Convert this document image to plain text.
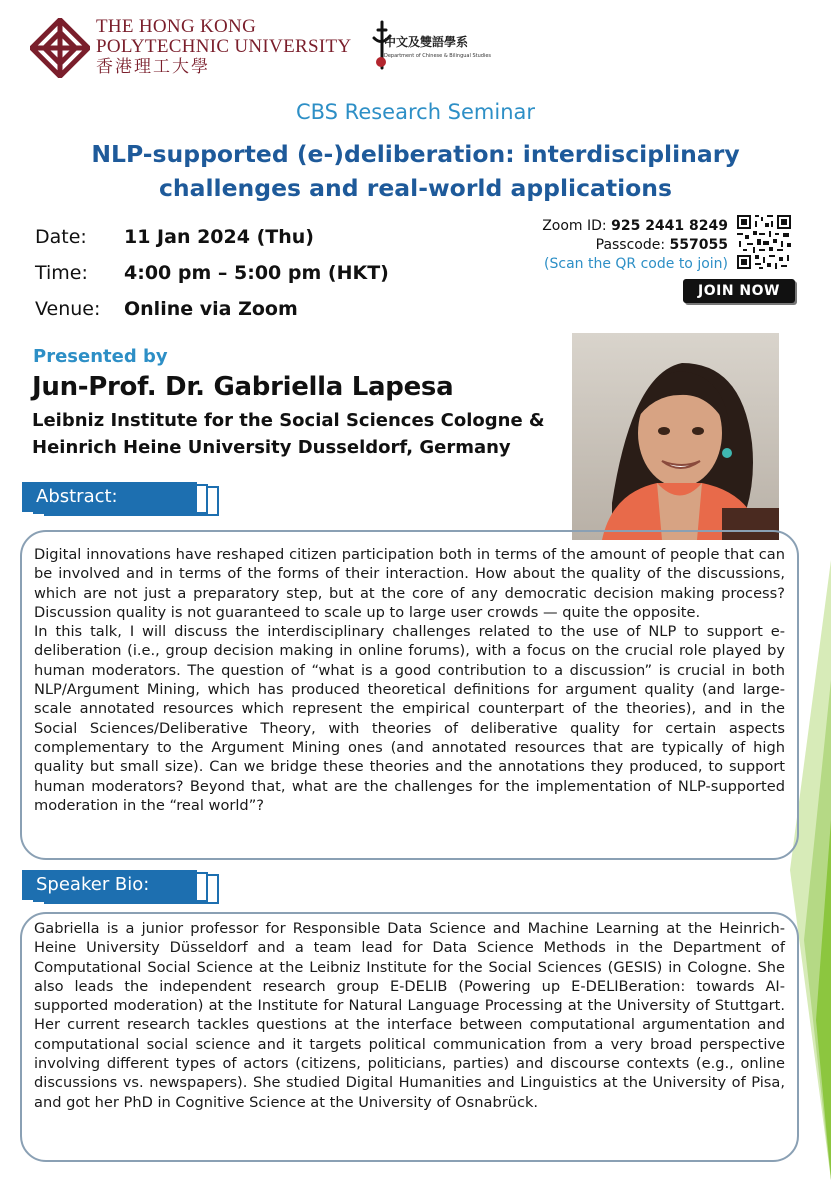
THE HONG KONG
POLYTECHNIC UNIVERSITY
香港理工大學
中文及雙語學系
Department of Chinese & Bilingual Studies
CBS Research Seminar
NLP-supported (e-)deliberation: interdisciplinary
challenges and real-world applications
Date: 11 Jan 2024 (Thu)
Time: 4:00 pm – 5:00 pm (HKT)
Venue: Online via Zoom
Zoom ID: 925 2441 8249
Passcode: 557055
(Scan the QR code to join)
JOIN NOW
Presented by
Jun-Prof. Dr. Gabriella Lapesa
Leibniz Institute for the Social Sciences Cologne &
Heinrich Heine University Dusseldorf, Germany
Abstract:

Digital innovations have reshaped citizen participation both in terms of the amount of people that can be involved and in terms of the forms of their interaction. How about the quality of the discussions, which are not just a preparatory step, but at the core of any democratic decision making process? Discussion quality is not guaranteed to scale up to large user crowds — quite the opposite.

In this talk, I will discuss the interdisciplinary challenges related to the use of NLP to support e-deliberation (i.e., group decision making in online forums), with a focus on the crucial role played by human moderators. The question of “what is a good contribution to a discussion” is crucial in both NLP/Argument Mining, which has produced theoretical definitions for argument quality (and large-scale annotated resources which represent the empirical counterpart of the theories), and in the Social Sciences/Deliberative Theory, with theories of deliberative quality for certain aspects complementary to the Argument Mining ones (and annotated resources that are typically of high quality but small size). Can we bridge these theories and the annotations they produced, to support human moderators? Beyond that, what are the challenges for the implementation of NLP-supported moderation in the “real world”?

Speaker Bio:
Gabriella is a junior professor for Responsible Data Science and Machine Learning at the Heinrich-Heine University Düsseldorf and a team lead for Data Science Methods in the Department of Computational Social Science at the Leibniz Institute for the Social Sciences (GESIS) in Cologne. She also leads the independent research group E-DELIB (Powering up E-DELIBeration: towards AI-supported moderation) at the Institute for Natural Language Processing at the University of Stuttgart. Her current research tackles questions at the interface between computational argumentation and computational social science and it targets political communication from a very broad perspective involving different types of actors (citizens, politicians, parties) and discourse contexts (e.g., online discussions vs. newspapers). She studied Digital Humanities and Linguistics at the University of Pisa, and got her PhD in Cognitive Science at the University of Osnabrück.
